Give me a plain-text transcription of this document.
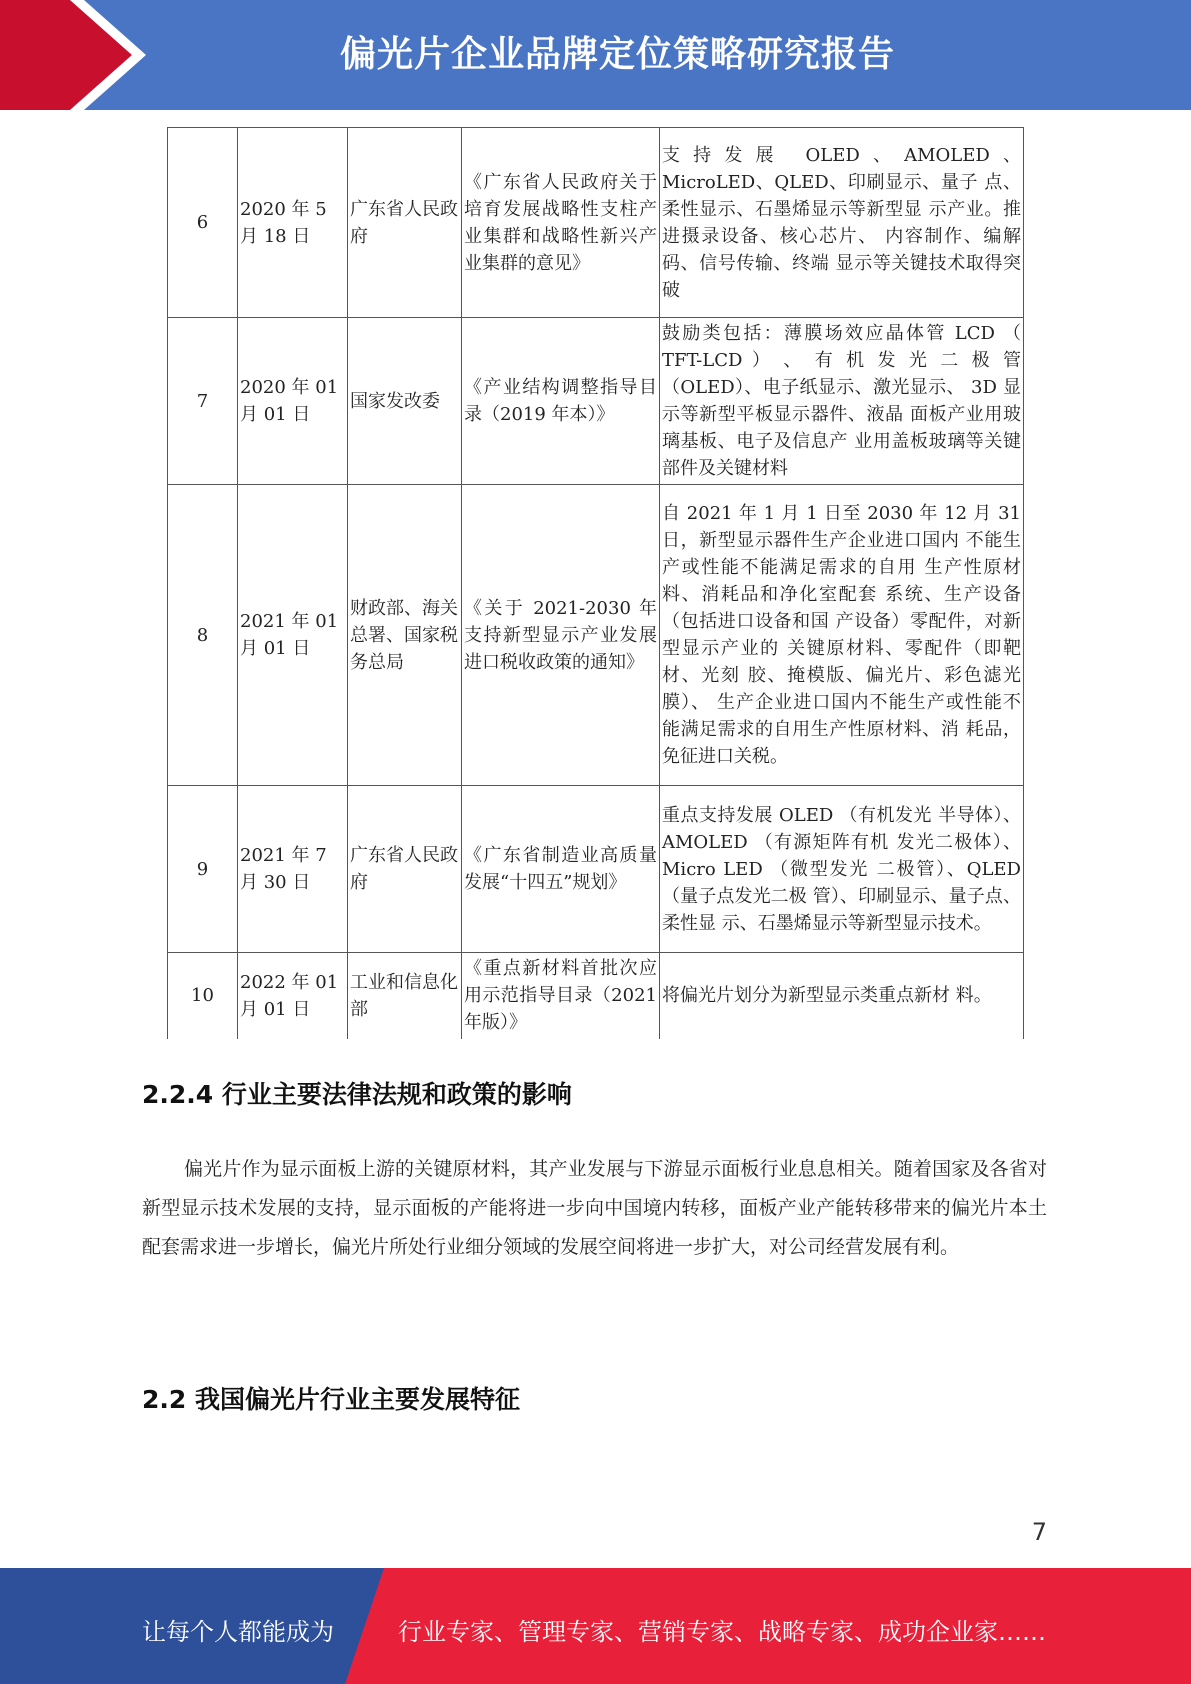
偏光片企业品牌定位策略研究报告
6	2020 年 5 月 18 日	广东省人民政府	《广东省人民政府关于培育发展战略性支柱产业集群和战略性新兴产业集群的意见》	支持发展 OLED、AMOLED、MicroLED、QLED、印刷显示、量子 点、柔性显示、石墨烯显示等新型显 示产业。推进摄录设备、核心芯片、 内容制作、编解码、信号传输、终端 显示等关键技术取得突破
7	2020 年 01 月 01 日	国家发改委	《产业结构调整指导目录（2019 年本）》	鼓励类包括：薄膜场效应晶体管 LCD （ TFT-LCD ） 、 有 机 发 光 二 极 管（OLED）、电子纸显示、激光显示、 3D 显示等新型平板显示器件、液晶 面板产业用玻璃基板、电子及信息产 业用盖板玻璃等关键部件及关键材料
8	2021 年 01 月 01 日	财政部、海关总署、国家税务总局	《关于 2021-2030 年支持新型显示产业发展进口税收政策的通知》	自 2021 年 1 月 1 日至 2030 年 12 月 31 日，新型显示器件生产企业进口国内 不能生产或性能不能满足需求的自用 生产性原材料、消耗品和净化室配套 系统、生产设备（包括进口设备和国 产设备）零配件，对新型显示产业的 关键原材料、零配件（即靶材、光刻 胶、掩模版、偏光片、彩色滤光膜）、 生产企业进口国内不能生产或性能不 能满足需求的自用生产性原材料、消 耗品，免征进口关税。
9	2021 年 7 月 30 日	广东省人民政府	《广东省制造业高质量发展“十四五”规划》	重点支持发展 OLED （有机发光 半导体）、AMOLED （有源矩阵有机 发光二极体）、Micro LED （微型发光 二极管）、QLED （量子点发光二极 管）、印刷显示、量子点、柔性显 示、石墨烯显示等新型显示技术。
10	2022 年 01 月 01 日	工业和信息化部	《重点新材料首批次应用示范指导目录（2021 年版）》	将偏光片划分为新型显示类重点新材 料。
2.2.4 行业主要法律法规和政策的影响
偏光片作为显示面板上游的关键原材料，其产业发展与下游显示面板行业息息相关。随着国家及各省对新型显示技术发展的支持，显示面板的产能将进一步向中国境内转移，面板产业产能转移带来的偏光片本土配套需求进一步增长，偏光片所处行业细分领域的发展空间将进一步扩大，对公司经营发展有利。
2.2 我国偏光片行业主要发展特征
7
让每个人都能成为	行业专家、管理专家、营销专家、战略专家、成功企业家……
